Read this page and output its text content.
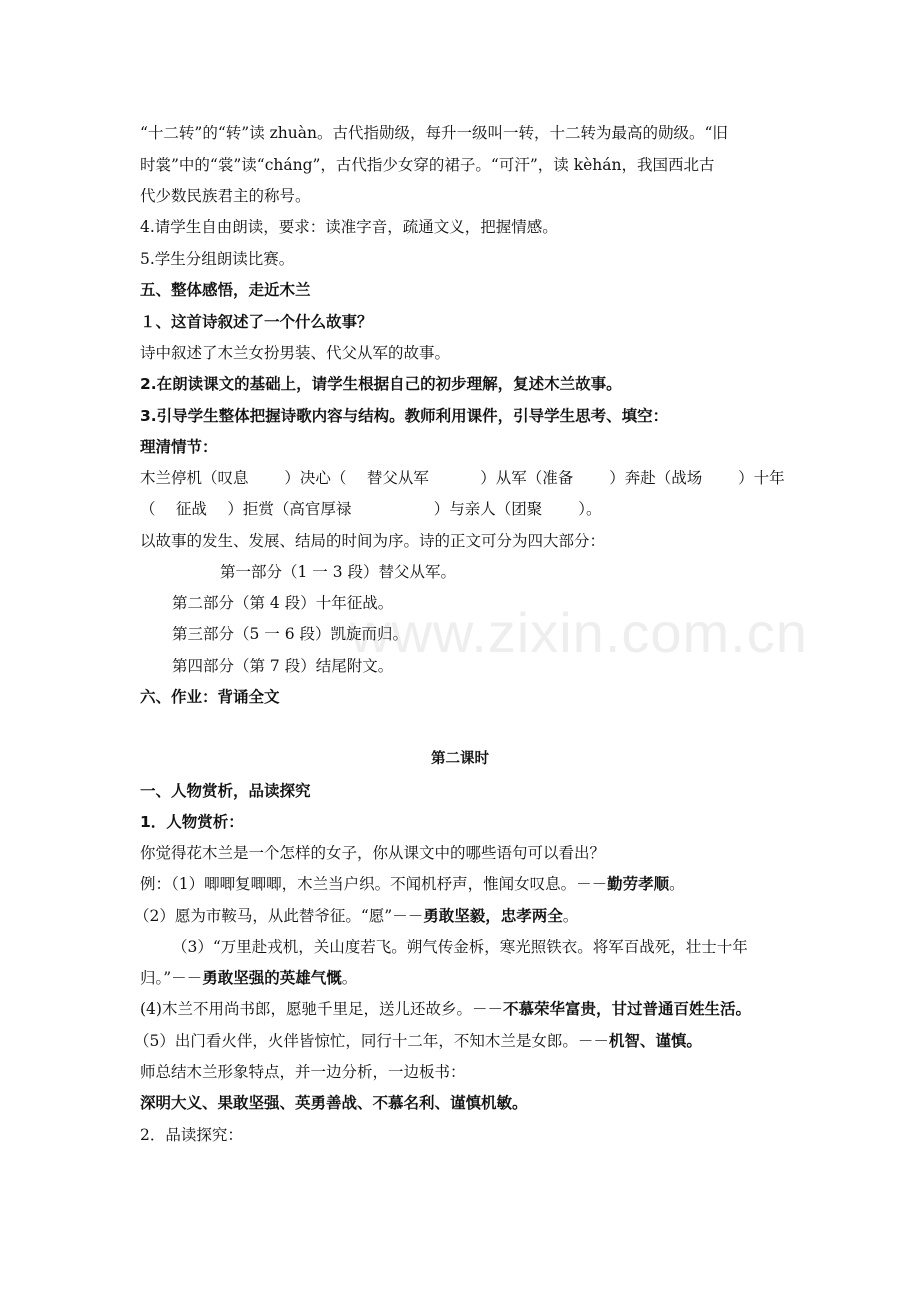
“十二转”的“转”读 zhuàn。古代指勋级，每升一级叫一转，十二转为最高的勋级。“旧
时裳”中的“裳”读“cháng”，古代指少女穿的裙子。“可汗”，读 kèhán，我国西北古
代少数民族君主的称号。
4.请学生自由朗读，要求：读准字音，疏通文义，把握情感。
5.学生分组朗读比赛。
五、整体感悟，走近木兰
１、这首诗叙述了一个什么故事？
诗中叙述了木兰女扮男装、代父从军的故事。
2.在朗读课文的基础上，请学生根据自己的初步理解，复述木兰故事。
3.引导学生整体把握诗歌内容与结构。教师利用课件，引导学生思考、填空：
理清情节：
木兰停机（叹息 　　）决心（ 　替父从军 　　　）从军（准备 　　）奔赴（战场 　　）十年
（ 　征战 　）拒赏（高官厚禄 　　　　　）与亲人（团聚 　　）。
以故事的发生、发展、结局的时间为序。诗的正文可分为四大部分：
第一部分（1 一 3 段）替父从军。
第二部分（第 4 段）十年征战。
第三部分（5 一 6 段）凯旋而归。
第四部分（第 7 段）结尾附文。
六、作业：背诵全文
第二课时
一、人物赏析，品读探究
1．人物赏析：
你觉得花木兰是一个怎样的女子，你从课文中的哪些语句可以看出？
例：（1）唧唧复唧唧，木兰当户织。不闻机杼声，惟闻女叹息。－－勤劳孝顺。
（2）愿为市鞍马，从此替爷征。“愿”－－勇敢坚毅，忠孝两全。
（3）“万里赴戎机，关山度若飞。朔气传金柝，寒光照铁衣。将军百战死，壮士十年
归。”－－勇敢坚强的英雄气慨。
(4)木兰不用尚书郎，愿驰千里足，送儿还故乡。－－不慕荣华富贵，甘过普通百姓生活。
（5）出门看火伴，火伴皆惊忙，同行十二年，不知木兰是女郎。－－机智、谨慎。
师总结木兰形象特点，并一边分析，一边板书：
深明大义、果敢坚强、英勇善战、不慕名利、谨慎机敏。
2．品读探究：
www.zixin.com.cn
